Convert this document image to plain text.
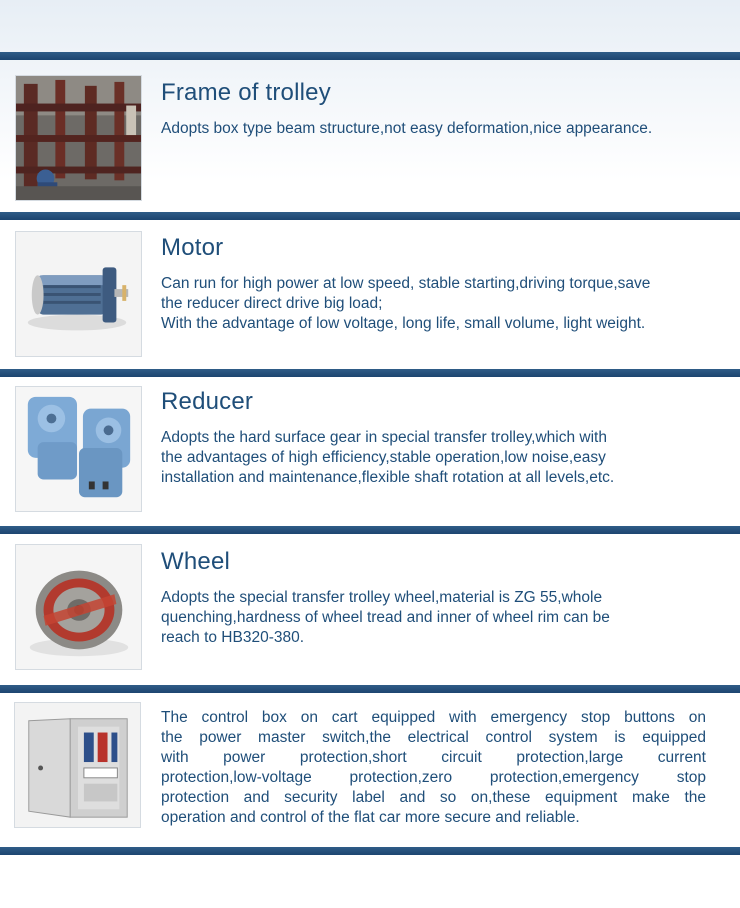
Frame of trolley
Adopts box type beam structure,not easy deformation,nice appearance.
Motor
Can run for high power at low speed, stable starting,driving torque,save
the reducer direct drive big load;
With the advantage of low voltage, long life, small volume, light weight.
Reducer
Adopts the hard surface gear in special transfer trolley,which with
the advantages of high efficiency,stable operation,low noise,easy
installation and maintenance,flexible shaft rotation at all levels,etc.
Wheel
Adopts the special transfer trolley wheel,material is ZG 55,whole
quenching,hardness of wheel tread and inner of wheel rim can be
reach to HB320-380.
The control box on cart equipped with emergency stop buttons on
the power master switch,the electrical control system is equipped
with power protection,short circuit protection,large current
protection,low-voltage protection,zero protection,emergency stop
protection and security label and so on,these equipment make the
operation and control of the flat car more secure and reliable.
